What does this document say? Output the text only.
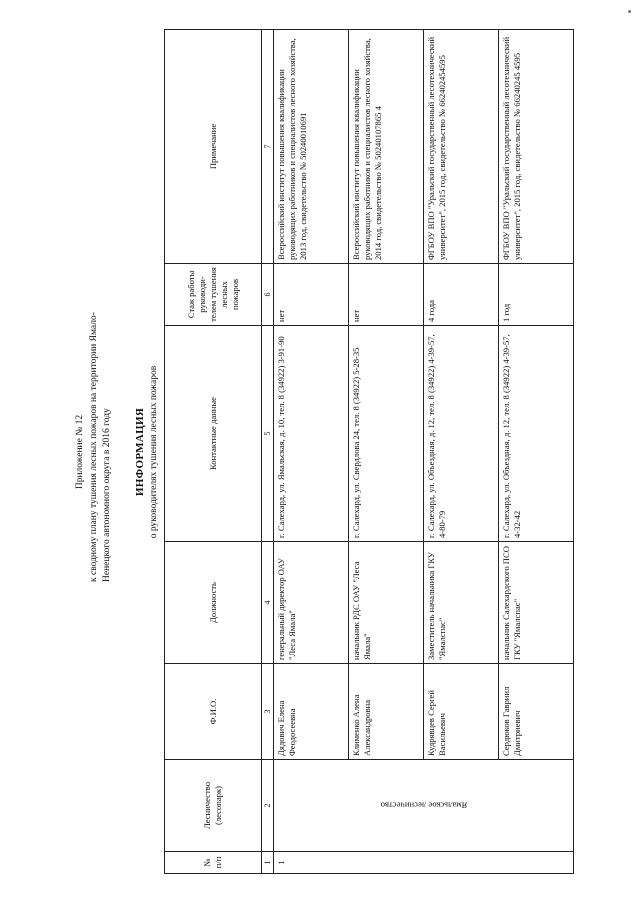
Приложение № 12 к сводному плану тушения лесных пожаров на территории Ямало- Ненецкого автономного округа в 2016 году ИНФОРМАЦИЯ о руководителях тушения лесных пожаров
№ п/п	Лесничество (лесопарк)	Ф.И.О.	Должность	Контактные данные	Стаж работы руководи-телем тушения лесных пожаров	Примечание
1	2	3	4	5	6	7
1	Ямальское лесничество	Дядович Елена Феодосеевна	генеральный директор ОАУ "Леса Ямала"	г. Салехард, ул. Ямальская, д. 10, тел. 8 (34922) 3-91-90	нет	Всероссийский институт повышения квалификации руководящих работников и специалистов лесного хозяйства, 2013 год, свидетельство № 50240010691
		Клименко Алена Александровна	начальник РДС ОАУ "Леса Ямала"	г. Салехард, ул. Свердлова 24, тел. 8 (34922) 5-28-35	нет	Всероссийский институт повышения квалификации руководящих работников и специалистов лесного хозяйства, 2014 год, свидетельство № 50240107865 4
		Кудрявцев Сергей Васильевич	Заместитель начальника ГКУ "Ямалспас"	г. Салехард, ул. Объездная, д. 12, тел. 8 (34922) 4-39-57, 4-80-79	4 года	ФГБОУ ВПО "Уральский государственный лесотехнический университет", 2015 год, свидетельство № 662402454595
		Сердюков Гавриил Дмитриевич	начальник Салехардского ПСО ГКУ "Ямалспас"	г. Салехард, ул. Объездная, д. 12, тел. 8 (34922) 4-39-57, 4-32-42	1 год	ФГБОУ ВПО "Уральский государственный лесотехнический университет", 2015 год, свидетельство № 66240245 4595
